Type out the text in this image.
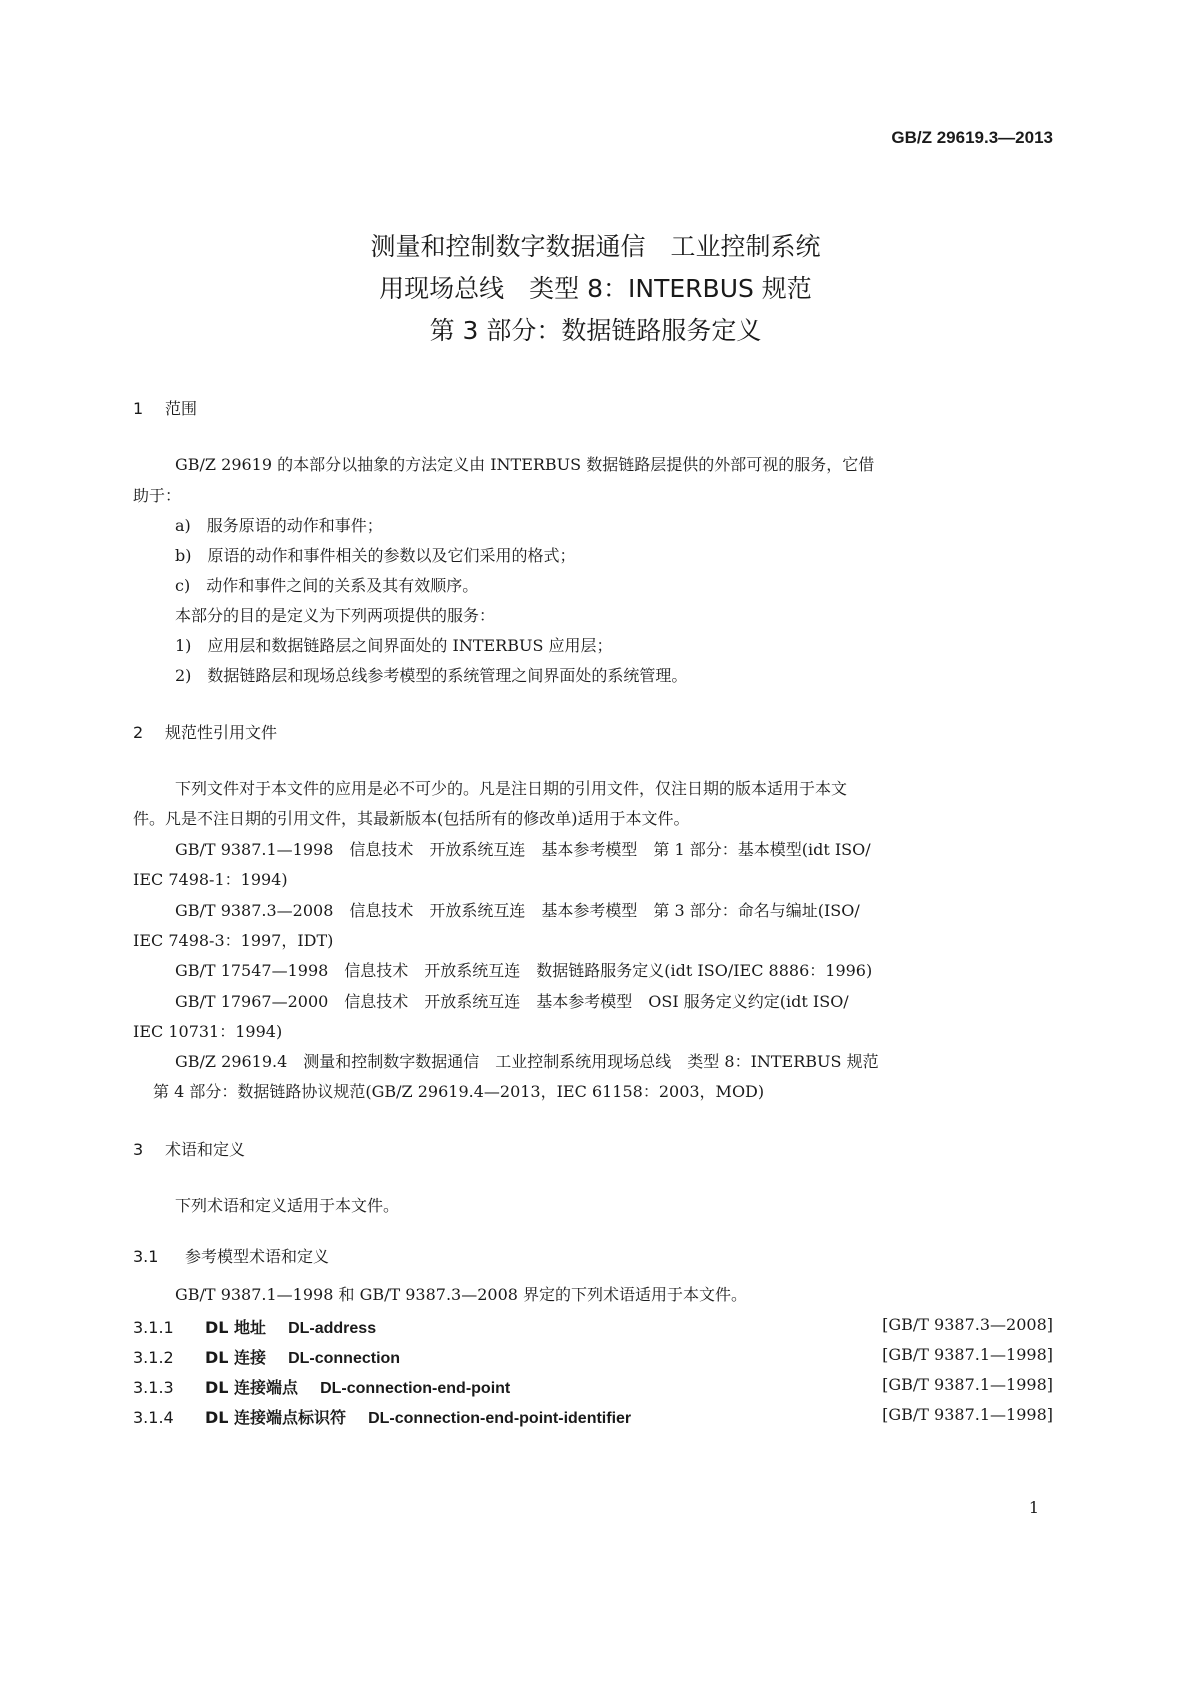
GB/Z 29619.3—2013
测量和控制数字数据通信　工业控制系统
用现场总线　类型 8：INTERBUS 规范
第 3 部分：数据链路服务定义
1 范围
GB/Z 29619 的本部分以抽象的方法定义由 INTERBUS 数据链路层提供的外部可视的服务，它借
助于：
a)　服务原语的动作和事件；
b)　原语的动作和事件相关的参数以及它们采用的格式；
c)　动作和事件之间的关系及其有效顺序。
本部分的目的是定义为下列两项提供的服务：
1)　应用层和数据链路层之间界面处的 INTERBUS 应用层；
2)　数据链路层和现场总线参考模型的系统管理之间界面处的系统管理。
2 规范性引用文件
下列文件对于本文件的应用是必不可少的。凡是注日期的引用文件，仅注日期的版本适用于本文
件。凡是不注日期的引用文件，其最新版本(包括所有的修改单)适用于本文件。
GB/T 9387.1—1998　信息技术　开放系统互连　基本参考模型　第 1 部分：基本模型(idt ISO/
IEC 7498-1：1994)
GB/T 9387.3—2008　信息技术　开放系统互连　基本参考模型　第 3 部分：命名与编址(ISO/
IEC 7498-3：1997，IDT)
GB/T 17547—1998　信息技术　开放系统互连　数据链路服务定义(idt ISO/IEC 8886：1996)
GB/T 17967—2000　信息技术　开放系统互连　基本参考模型　OSI 服务定义约定(idt ISO/
IEC 10731：1994)
GB/Z 29619.4　测量和控制数字数据通信　工业控制系统用现场总线　类型 8：INTERBUS 规范
第 4 部分：数据链路协议规范(GB/Z 29619.4—2013，IEC 61158：2003，MOD)
3 术语和定义
下列术语和定义适用于本文件。
3.1 参考模型术语和定义
GB/T 9387.1—1998 和 GB/T 9387.3—2008 界定的下列术语适用于本文件。
3.1.1 DL 地址 DL-address	[GB/T 9387.3—2008]
3.1.2 DL 连接 DL-connection	[GB/T 9387.1—1998]
3.1.3 DL 连接端点 DL-connection-end-point	[GB/T 9387.1—1998]
3.1.4 DL 连接端点标识符 DL-connection-end-point-identifier	[GB/T 9387.1—1998]
1
